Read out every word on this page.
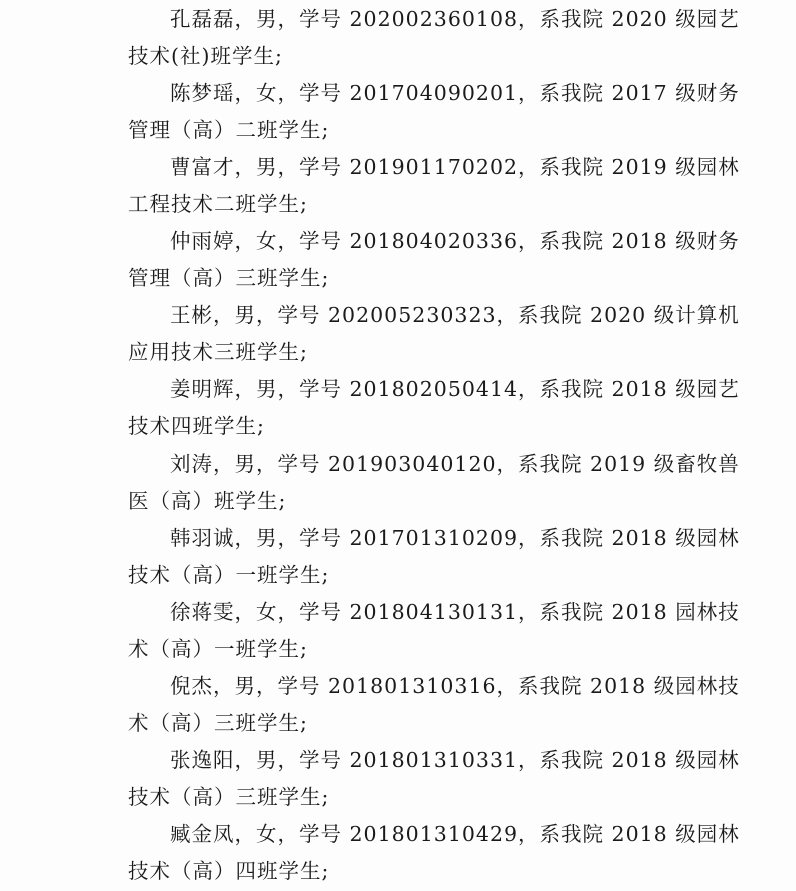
孔磊磊，男，学号 202002360108，系我院 2020 级园艺
技术(社)班学生;
陈梦瑶，女，学号 201704090201，系我院 2017 级财务
管理（高）二班学生;
曹富才，男，学号 201901170202，系我院 2019 级园林
工程技术二班学生;
仲雨婷，女，学号 201804020336，系我院 2018 级财务
管理（高）三班学生;
王彬，男，学号 202005230323，系我院 2020 级计算机
应用技术三班学生;
姜明辉，男，学号 201802050414，系我院 2018 级园艺
技术四班学生;
刘涛，男，学号 201903040120，系我院 2019 级畜牧兽
医（高）班学生;
韩羽诚，男，学号 201701310209，系我院 2018 级园林
技术（高）一班学生;
徐蒋雯，女，学号 201804130131，系我院 2018 园林技
术（高）一班学生;
倪杰，男，学号 201801310316，系我院 2018 级园林技
术（高）三班学生;
张逸阳，男，学号 201801310331，系我院 2018 级园林
技术（高）三班学生;
臧金凤，女，学号 201801310429，系我院 2018 级园林
技术（高）四班学生;
